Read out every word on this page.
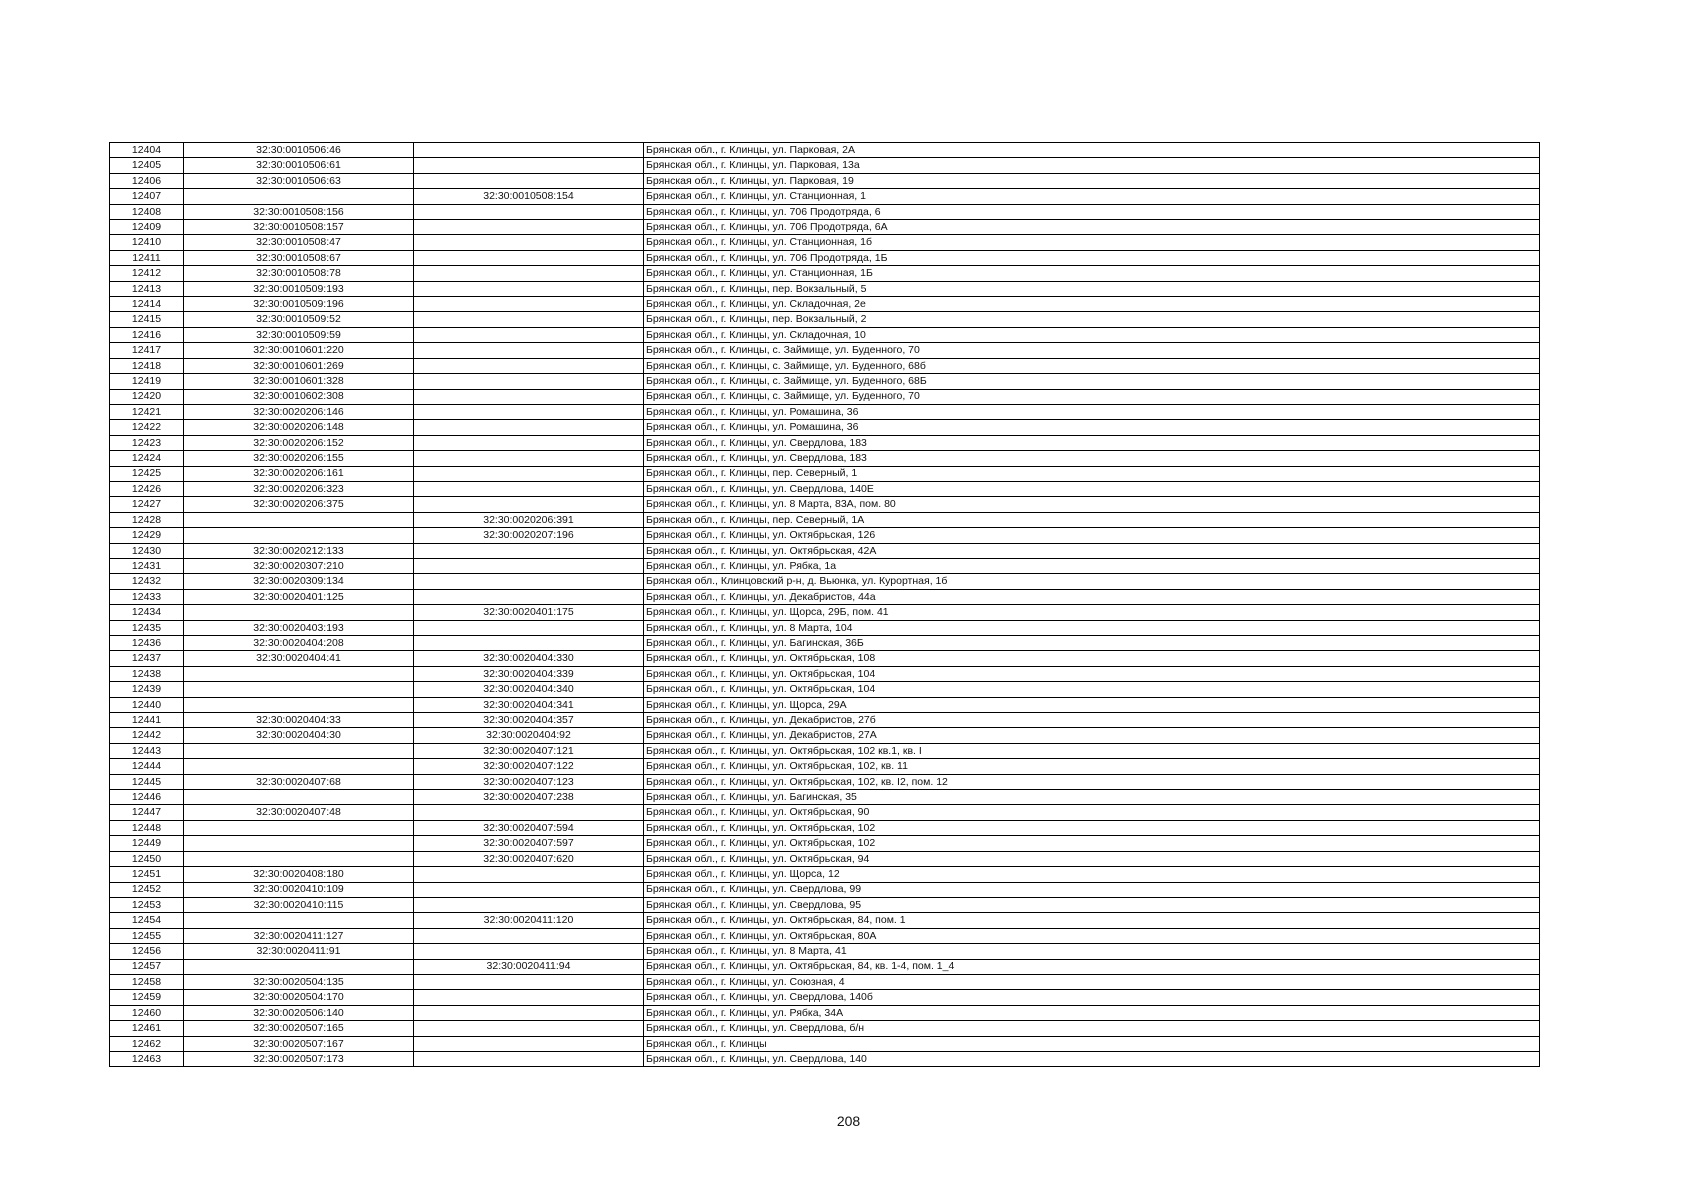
12404	32:30:0010506:46		Брянская обл., г. Клинцы, ул. Парковая, 2А
12405	32:30:0010506:61		Брянская обл., г. Клинцы, ул. Парковая, 13а
12406	32:30:0010506:63		Брянская обл., г. Клинцы, ул. Парковая, 19
12407		32:30:0010508:154	Брянская обл., г. Клинцы, ул. Станционная, 1
12408	32:30:0010508:156		Брянская обл., г. Клинцы, ул. 706 Продотряда, 6
12409	32:30:0010508:157		Брянская обл., г. Клинцы, ул. 706 Продотряда, 6А
12410	32:30:0010508:47		Брянская обл., г. Клинцы, ул. Станционная, 1б
12411	32:30:0010508:67		Брянская обл., г. Клинцы, ул. 706 Продотряда, 1Б
12412	32:30:0010508:78		Брянская обл., г. Клинцы, ул. Станционная, 1Б
12413	32:30:0010509:193		Брянская обл., г. Клинцы, пер. Вокзальный, 5
12414	32:30:0010509:196		Брянская обл., г. Клинцы, ул. Складочная, 2е
12415	32:30:0010509:52		Брянская обл., г. Клинцы, пер. Вокзальный, 2
12416	32:30:0010509:59		Брянская обл., г. Клинцы, ул. Складочная, 10
12417	32:30:0010601:220		Брянская обл., г. Клинцы, с. Займище, ул. Буденного, 70
12418	32:30:0010601:269		Брянская обл., г. Клинцы, с. Займище, ул. Буденного, 68б
12419	32:30:0010601:328		Брянская обл., г. Клинцы, с. Займище, ул. Буденного, 68Б
12420	32:30:0010602:308		Брянская обл., г. Клинцы, с. Займище, ул. Буденного, 70
12421	32:30:0020206:146		Брянская обл., г. Клинцы, ул. Ромашина, 36
12422	32:30:0020206:148		Брянская обл., г. Клинцы, ул. Ромашина, 36
12423	32:30:0020206:152		Брянская обл., г. Клинцы, ул. Свердлова, 183
12424	32:30:0020206:155		Брянская обл., г. Клинцы, ул. Свердлова, 183
12425	32:30:0020206:161		Брянская обл., г. Клинцы, пер. Северный, 1
12426	32:30:0020206:323		Брянская обл., г. Клинцы, ул. Свердлова, 140Е
12427	32:30:0020206:375		Брянская обл., г. Клинцы, ул. 8 Марта, 83А, пом. 80
12428		32:30:0020206:391	Брянская обл., г. Клинцы, пер. Северный, 1А
12429		32:30:0020207:196	Брянская обл., г. Клинцы, ул. Октябрьская, 126
12430	32:30:0020212:133		Брянская обл., г. Клинцы, ул. Октябрьская, 42А
12431	32:30:0020307:210		Брянская обл., г. Клинцы, ул. Рябка, 1а
12432	32:30:0020309:134		Брянская обл., Клинцовский р-н, д. Вьюнка, ул. Курортная, 1б
12433	32:30:0020401:125		Брянская обл., г. Клинцы, ул. Декабристов, 44а
12434		32:30:0020401:175	Брянская обл., г. Клинцы, ул. Щорса, 29Б, пом. 41
12435	32:30:0020403:193		Брянская обл., г. Клинцы, ул. 8 Марта, 104
12436	32:30:0020404:208		Брянская обл., г. Клинцы, ул. Багинская, 36Б
12437	32:30:0020404:41	32:30:0020404:330	Брянская обл., г. Клинцы, ул. Октябрьская, 108
12438		32:30:0020404:339	Брянская обл., г. Клинцы, ул. Октябрьская, 104
12439		32:30:0020404:340	Брянская обл., г. Клинцы, ул. Октябрьская, 104
12440		32:30:0020404:341	Брянская обл., г. Клинцы, ул. Щорса, 29А
12441	32:30:0020404:33	32:30:0020404:357	Брянская обл., г. Клинцы, ул. Декабристов, 27б
12442	32:30:0020404:30	32:30:0020404:92	Брянская обл., г. Клинцы, ул. Декабристов, 27А
12443		32:30:0020407:121	Брянская обл., г. Клинцы, ул. Октябрьская, 102 кв.1, кв. I
12444		32:30:0020407:122	Брянская обл., г. Клинцы, ул. Октябрьская, 102, кв. 11
12445	32:30:0020407:68	32:30:0020407:123	Брянская обл., г. Клинцы, ул. Октябрьская, 102, кв. I2, пом. 12
12446		32:30:0020407:238	Брянская обл., г. Клинцы, ул. Багинская, 35
12447	32:30:0020407:48		Брянская обл., г. Клинцы, ул. Октябрьская, 90
12448		32:30:0020407:594	Брянская обл., г. Клинцы, ул. Октябрьская, 102
12449		32:30:0020407:597	Брянская обл., г. Клинцы, ул. Октябрьская, 102
12450		32:30:0020407:620	Брянская обл., г. Клинцы, ул. Октябрьская, 94
12451	32:30:0020408:180		Брянская обл., г. Клинцы, ул. Щорса, 12
12452	32:30:0020410:109		Брянская обл., г. Клинцы, ул. Свердлова, 99
12453	32:30:0020410:115		Брянская обл., г. Клинцы, ул. Свердлова, 95
12454		32:30:0020411:120	Брянская обл., г. Клинцы, ул. Октябрьская, 84, пом. 1
12455	32:30:0020411:127		Брянская обл., г. Клинцы, ул. Октябрьская, 80А
12456	32:30:0020411:91		Брянская обл., г. Клинцы, ул. 8 Марта, 41
12457		32:30:0020411:94	Брянская обл., г. Клинцы, ул. Октябрьская, 84, кв. 1-4, пом. 1_4
12458	32:30:0020504:135		Брянская обл., г. Клинцы, ул. Союзная, 4
12459	32:30:0020504:170		Брянская обл., г. Клинцы, ул. Свердлова, 140б
12460	32:30:0020506:140		Брянская обл., г. Клинцы, ул. Рябка, 34А
12461	32:30:0020507:165		Брянская обл., г. Клинцы, ул. Свердлова, б/н
12462	32:30:0020507:167		Брянская обл., г. Клинцы
12463	32:30:0020507:173		Брянская обл., г. Клинцы, ул. Свердлова, 140
208
